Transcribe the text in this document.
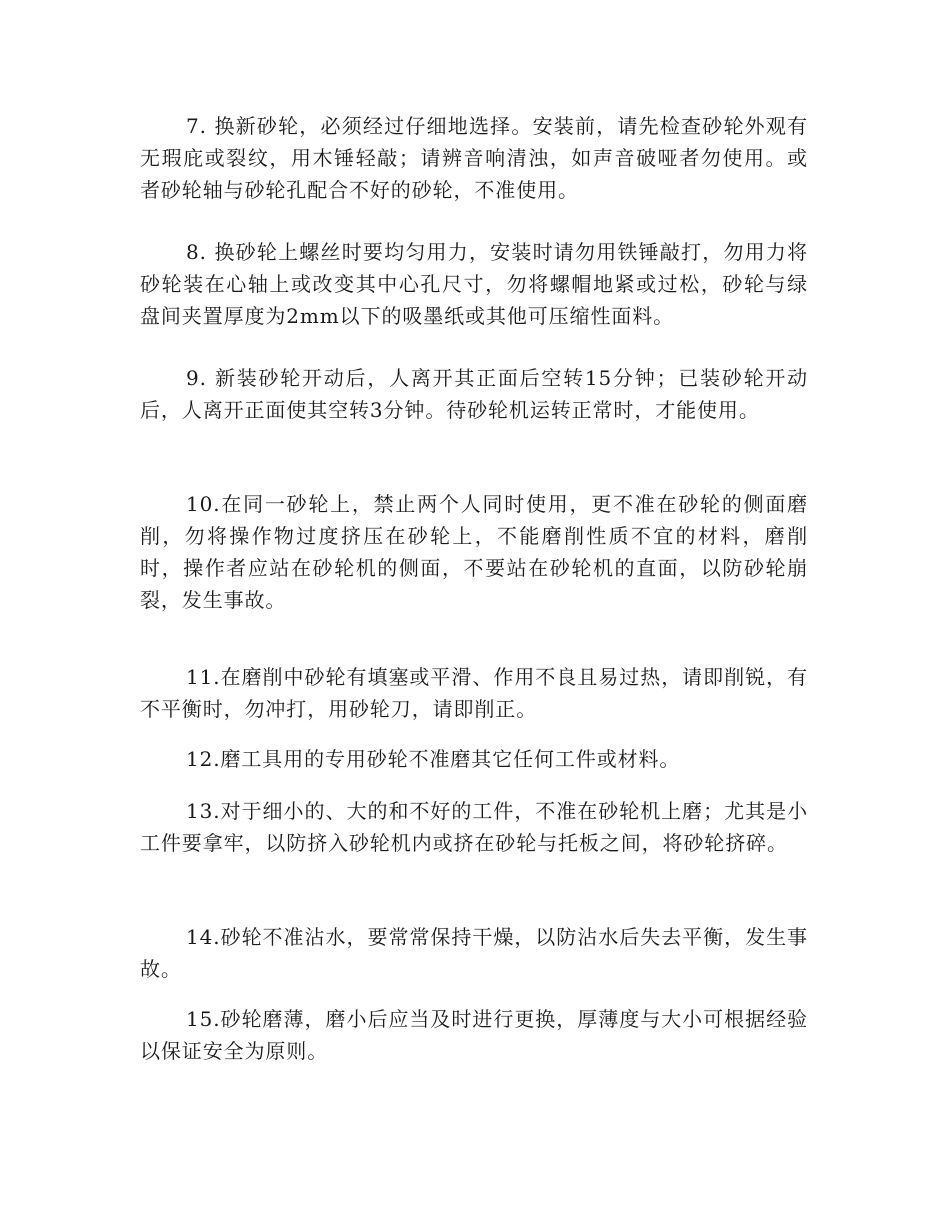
7. 换新砂轮，必须经过仔细地选择。安装前，请先检查砂轮外观有无瑕庇或裂纹，用木锤轻敲；请辨音响清浊，如声音破哑者勿使用。或者砂轮轴与砂轮孔配合不好的砂轮，不准使用。

8. 换砂轮上螺丝时要均匀用力，安装时请勿用铁锤敲打，勿用力将砂轮装在心轴上或改变其中心孔尺寸，勿将螺帽地紧或过松，砂轮与绿盘间夹置厚度为2mm以下的吸墨纸或其他可压缩性面料。

9. 新装砂轮开动后，人离开其正面后空转15分钟；已装砂轮开动后，人离开正面使其空转3分钟。待砂轮机运转正常时，才能使用。

10.在同一砂轮上，禁止两个人同时使用，更不准在砂轮的侧面磨削，勿将操作物过度挤压在砂轮上，不能磨削性质不宜的材料，磨削时，操作者应站在砂轮机的侧面，不要站在砂轮机的直面，以防砂轮崩裂，发生事故。

11.在磨削中砂轮有填塞或平滑、作用不良且易过热，请即削锐，有不平衡时，勿冲打，用砂轮刀，请即削正。

12.磨工具用的专用砂轮不准磨其它任何工件或材料。

13.对于细小的、大的和不好的工件，不准在砂轮机上磨；尤其是小工件要拿牢，以防挤入砂轮机内或挤在砂轮与托板之间，将砂轮挤碎。

14.砂轮不准沾水，要常常保持干燥，以防沾水后失去平衡，发生事故。

15.砂轮磨薄，磨小后应当及时进行更换，厚薄度与大小可根据经验以保证安全为原则。
